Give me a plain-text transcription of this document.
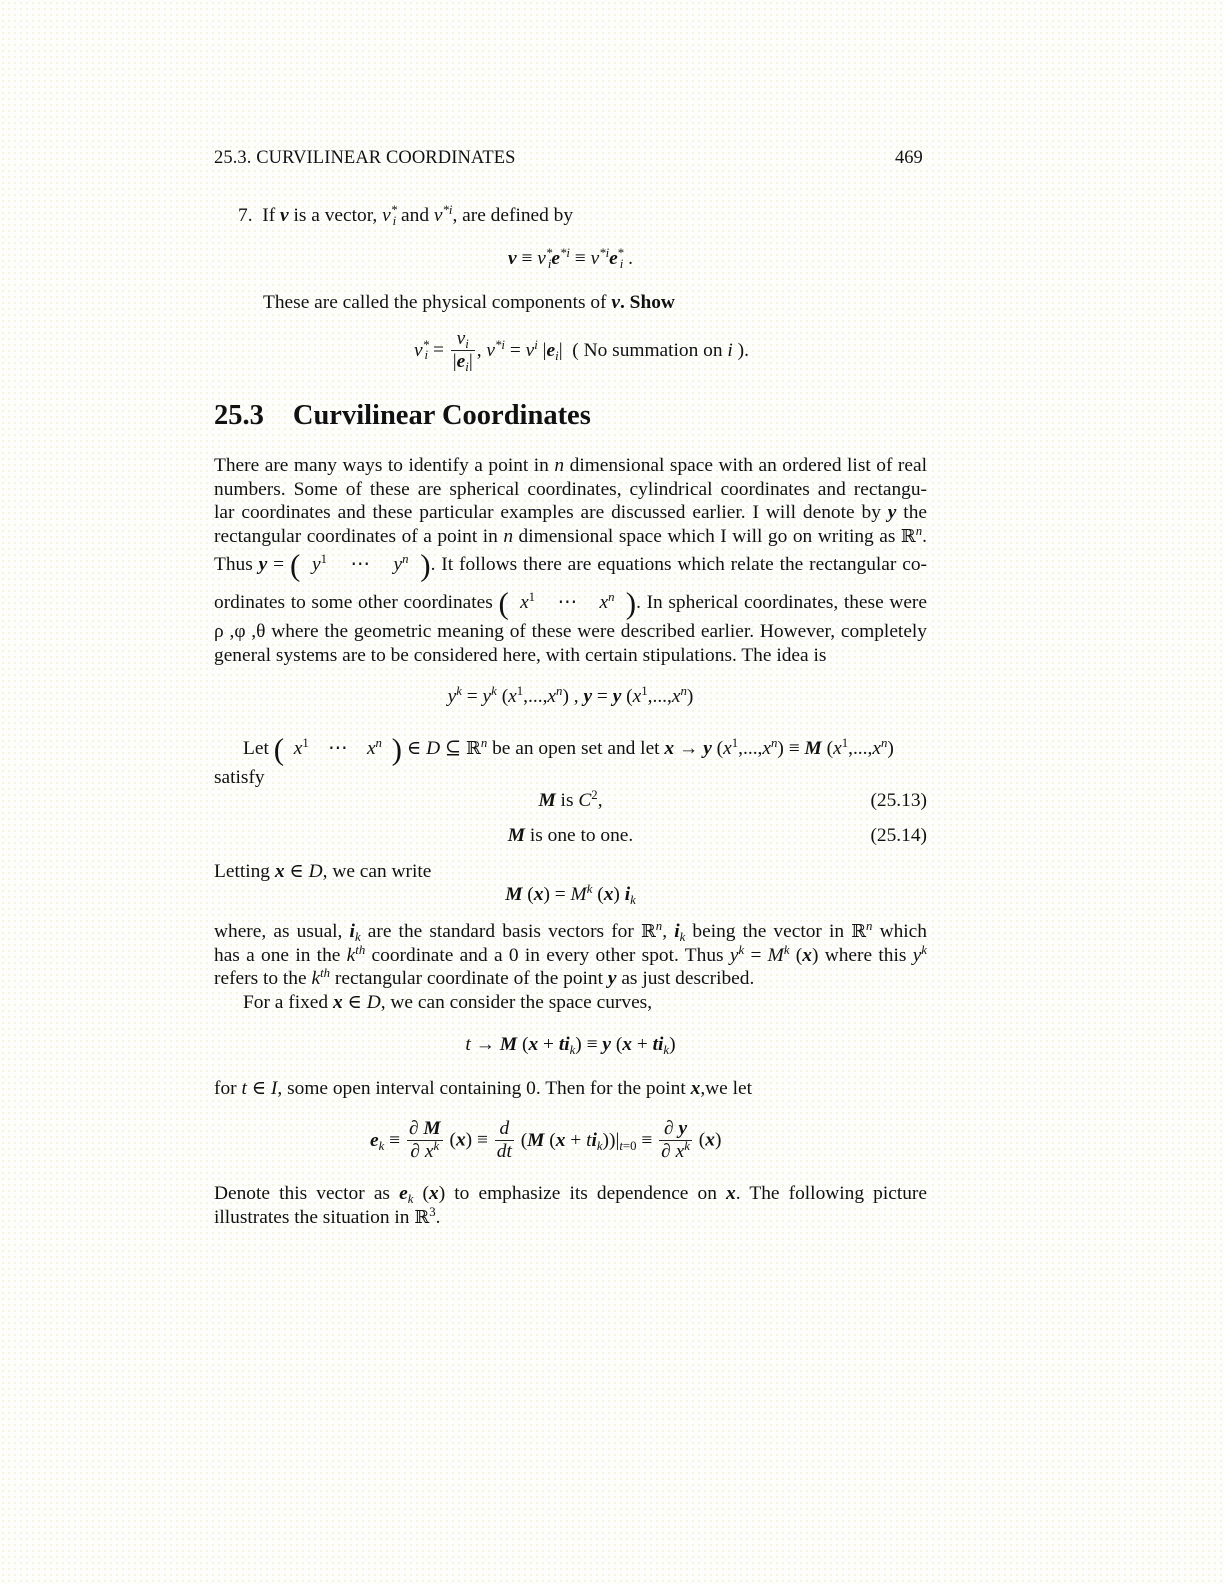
25.3. CURVILINEAR COORDINATES	469
7. If v is a vector, $v^*_i$ and $v^{*i}$, are defined by
$v \equiv v^*_ie^{*i} \equiv v^{*i}e^*_i$ .
These are called the physical components of v. Show
$v^*_i = \frac{v_i}{|e_i|}$ , $v^{*i} = v^i$ $|e_i|$  ( No summation on i ).
25.3 Curvilinear Coordinates
There are many ways to identify a point in n dimensional space with an ordered list of real
numbers. Some of these are spherical coordinates, cylindrical coordinates and rectangu-
lar coordinates and these particular examples are discussed earlier. I will denote by y the
rectangular coordinates of a point in n dimensional space which I will go on writing as ℝ$^n$.
Thus y = ( $y^1$    ⋯    $y^n$ ). It follows there are equations which relate the rectangular co-
ordinates to some other coordinates ( $x^1$    ⋯    $x^n$ ). In spherical coordinates, these were
ρ ,φ ,θ where the geometric meaning of these were described earlier. However, completely
general systems are to be considered here, with certain stipulations. The idea is
$y^k = y^k$ $(x^1,...,x^n)$ , y = y $(x^1,...,x^n)$
Let ( $x^1$    ⋯    $x^n$ ) ∈ D ⊆ ℝ$^n$ be an open set and let x → y $(x^1,...,x^n) \equiv M$ $(x^1,...,x^n)$
satisfy
M is $C^2$,	(25.13)
M is one to one.	(25.14)
Letting x ∈ D, we can write
M $(x) = M^k$ (x) $i_k$
where, as usual, $i_k$ are the standard basis vectors for ℝ$^n$, $i_k$ being the vector in ℝ$^n$ which
has a one in the $k^{th}$ coordinate and a 0 in every other spot. Thus $y^k = M^k$ (x) where this $y^k$
refers to the $k^{th}$ rectangular coordinate of the point y as just described.
For a fixed x ∈ D, we can consider the space curves,
t → M $(x + ti_k) \equiv y$ $(x + ti_k)$
for t ∈ I, some open interval containing 0. Then for the point x,we let
$e_k \equiv \frac{\partial M}{\partial x^k} (x) \equiv \frac{d}{dt} (M$ $(x + ti_k))|_{t=0} \equiv \frac{\partial y}{\partial x^k} (x)$
Denote this vector as $e_k$ (x) to emphasize its dependence on x. The following picture
illustrates the situation in ℝ$^3$.
